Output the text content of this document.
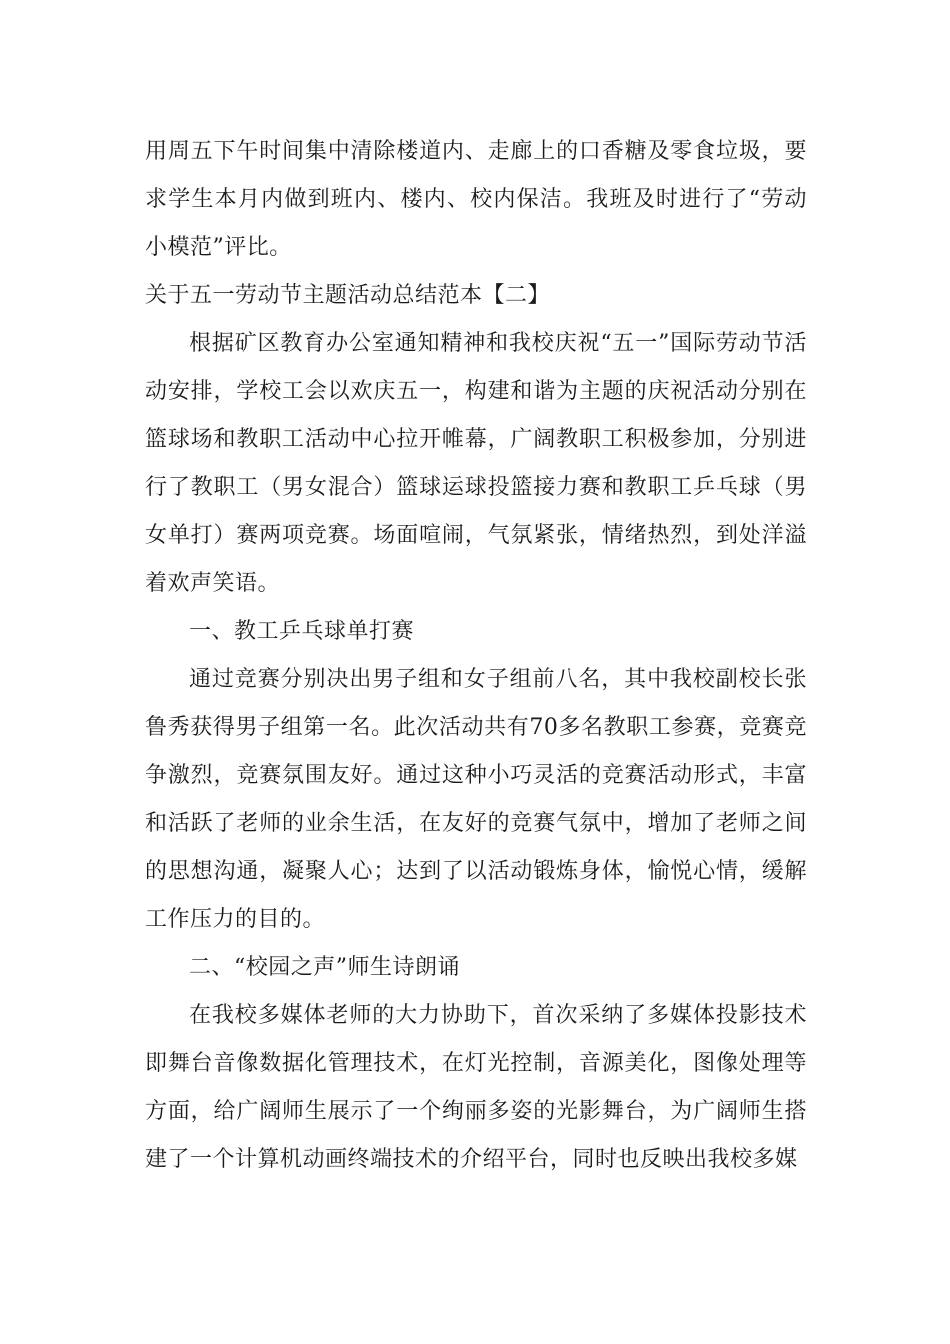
用周五下午时间集中清除楼道内、走廊上的口香糖及零食垃圾，要求学生本月内做到班内、楼内、校内保洁。我班及时进行了“劳动小模范”评比。

关于五一劳动节主题活动总结范本【二】

根据矿区教育办公室通知精神和我校庆祝“五一”国际劳动节活动安排，学校工会以欢庆五一，构建和谐为主题的庆祝活动分别在篮球场和教职工活动中心拉开帷幕，广阔教职工积极参加，分别进行了教职工（男女混合）篮球运球投篮接力赛和教职工乒乓球（男女单打）赛两项竞赛。场面喧闹，气氛紧张，情绪热烈，到处洋溢着欢声笑语。

一、教工乒乓球单打赛

通过竞赛分别决出男子组和女子组前八名，其中我校副校长张鲁秀获得男子组第一名。此次活动共有70多名教职工参赛，竞赛竞争激烈，竞赛氛围友好。通过这种小巧灵活的竞赛活动形式，丰富和活跃了老师的业余生活，在友好的竞赛气氛中，增加了老师之间的思想沟通，凝聚人心；达到了以活动锻炼身体，愉悦心情，缓解工作压力的目的。

二、“校园之声”师生诗朗诵

在我校多媒体老师的大力协助下，首次采纳了多媒体投影技术即舞台音像数据化管理技术，在灯光控制，音源美化，图像处理等方面，给广阔师生展示了一个绚丽多姿的光影舞台，为广阔师生搭建了一个计算机动画终端技术的介绍平台，同时也反映出我校多媒
